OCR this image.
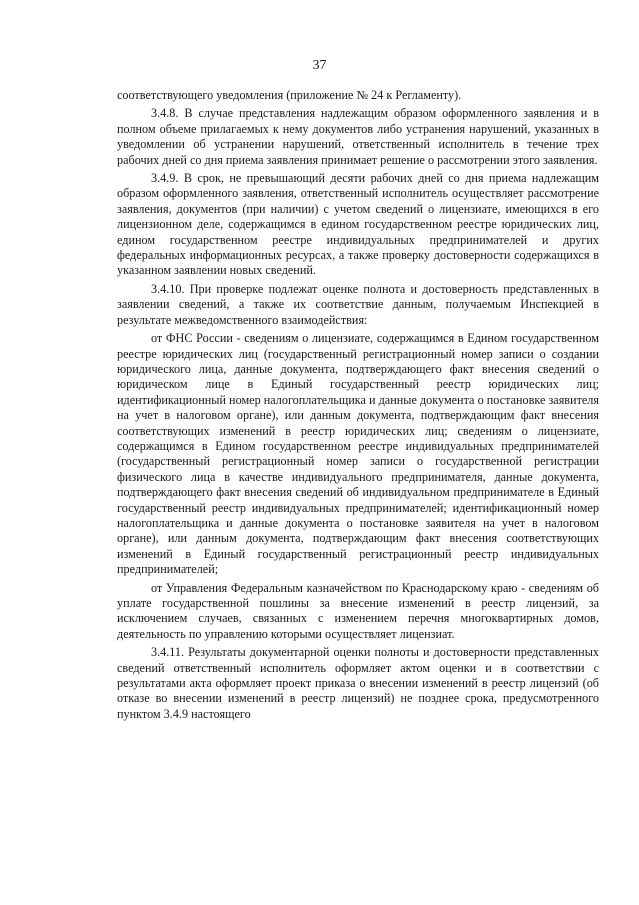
37

соответствующего уведомления (приложение № 24 к Регламенту).

3.4.8. В случае представления надлежащим образом оформленного заявления и в полном объеме прилагаемых к нему документов либо устранения нарушений, указанных в уведомлении об устранении нарушений, ответственный исполнитель в течение трех рабочих дней со дня приема заявления принимает решение о рассмотрении этого заявления.

3.4.9. В срок, не превышающий десяти рабочих дней со дня приема надлежащим образом оформленного заявления, ответственный исполнитель осуществляет рассмотрение заявления, документов (при наличии) с учетом сведений о лицензиате, имеющихся в его лицензионном деле, содержащимся в едином государственном реестре юридических лиц, едином государственном реестре индивидуальных предпринимателей и других федеральных информационных ресурсах, а также проверку достоверности содержащихся в указанном заявлении новых сведений.

3.4.10. При проверке подлежат оценке полнота и достоверность представленных в заявлении сведений, а также их соответствие данным, получаемым Инспекцией в результате межведомственного взаимодействия:

от ФНС России - сведениям о лицензиате, содержащимся в Едином государственном реестре юридических лиц (государственный регистрационный номер записи о создании юридического лица, данные документа, подтверждающего факт внесения сведений о юридическом лице в Единый государственный реестр юридических лиц; идентификационный номер налогоплательщика и данные документа о постановке заявителя на учет в налоговом органе), или данным документа, подтверждающим факт внесения соответствующих изменений в реестр юридических лиц; сведениям о лицензиате, содержащимся в Едином государственном реестре индивидуальных предпринимателей (государственный регистрационный номер записи о государственной регистрации физического лица в качестве индивидуального предпринимателя, данные документа, подтверждающего факт внесения сведений об индивидуальном предпринимателе в Единый государственный реестр индивидуальных предпринимателей; идентификационный номер налогоплательщика и данные документа о постановке заявителя на учет в налоговом органе), или данным документа, подтверждающим факт внесения соответствующих изменений в Единый государственный регистрационный реестр индивидуальных предпринимателей;

от Управления Федеральным казначейством по Краснодарскому краю - сведениям об уплате государственной пошлины за внесение изменений в реестр лицензий, за исключением случаев, связанных с изменением перечня многоквартирных домов, деятельность по управлению которыми осуществляет лицензиат.

3.4.11. Результаты документарной оценки полноты и достоверности представленных сведений ответственный исполнитель оформляет актом оценки и в соответствии с результатами акта оформляет проект приказа о внесении изменений в реестр лицензий (об отказе во внесении изменений в реестр лицензий) не позднее срока, предусмотренного пунктом 3.4.9 настоящего
